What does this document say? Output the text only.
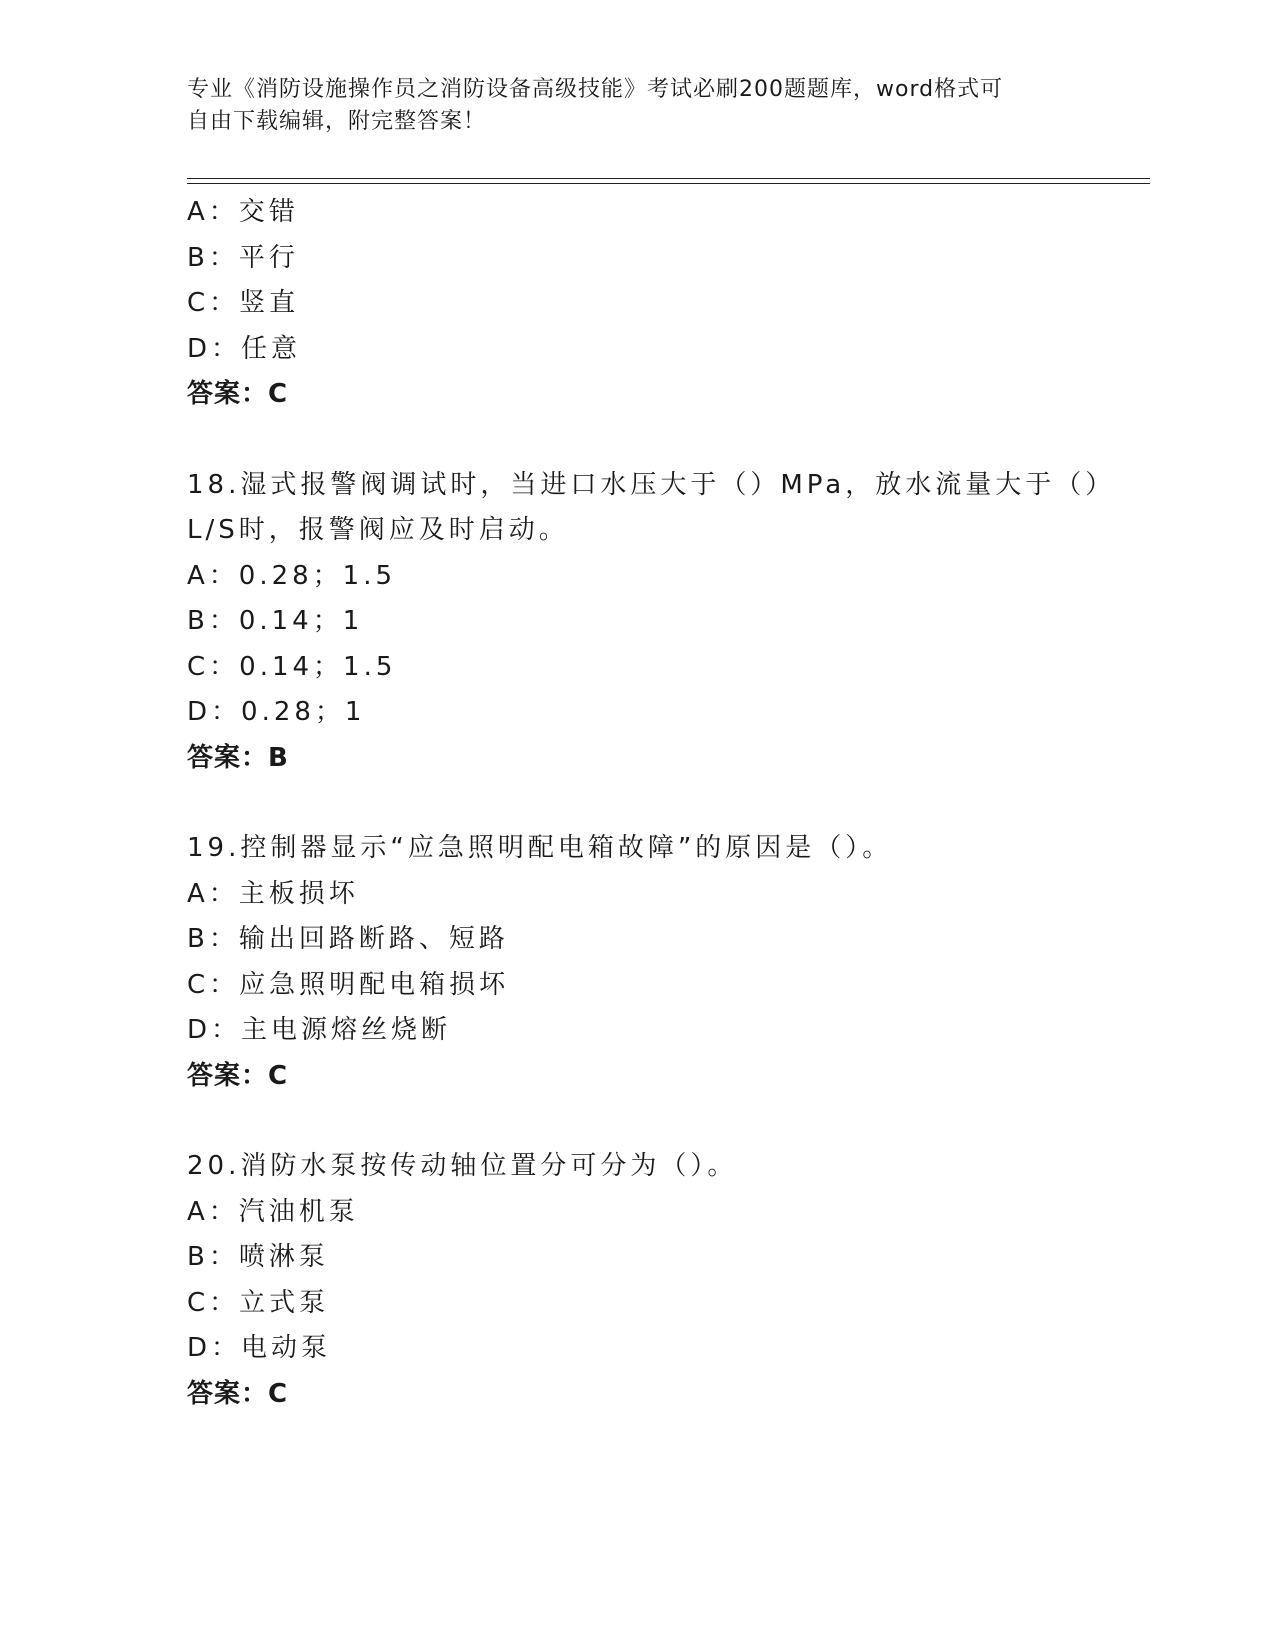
专业《消防设施操作员之消防设备高级技能》考试必刷200题题库，word格式可
自由下载编辑，附完整答案！
A：交错
B：平行
C：竖直
D：任意
答案：C
18.湿式报警阀调试时，当进口水压大于（）MPa，放水流量大于（）
L/S时，报警阀应及时启动。
A：0.28；1.5
B：0.14；1
C：0.14；1.5
D：0.28；1
答案：B
19.控制器显示“应急照明配电箱故障”的原因是（）。
A：主板损坏
B：输出回路断路、短路
C：应急照明配电箱损坏
D：主电源熔丝烧断
答案：C
20.消防水泵按传动轴位置分可分为（）。
A：汽油机泵
B：喷淋泵
C：立式泵
D：电动泵
答案：C
